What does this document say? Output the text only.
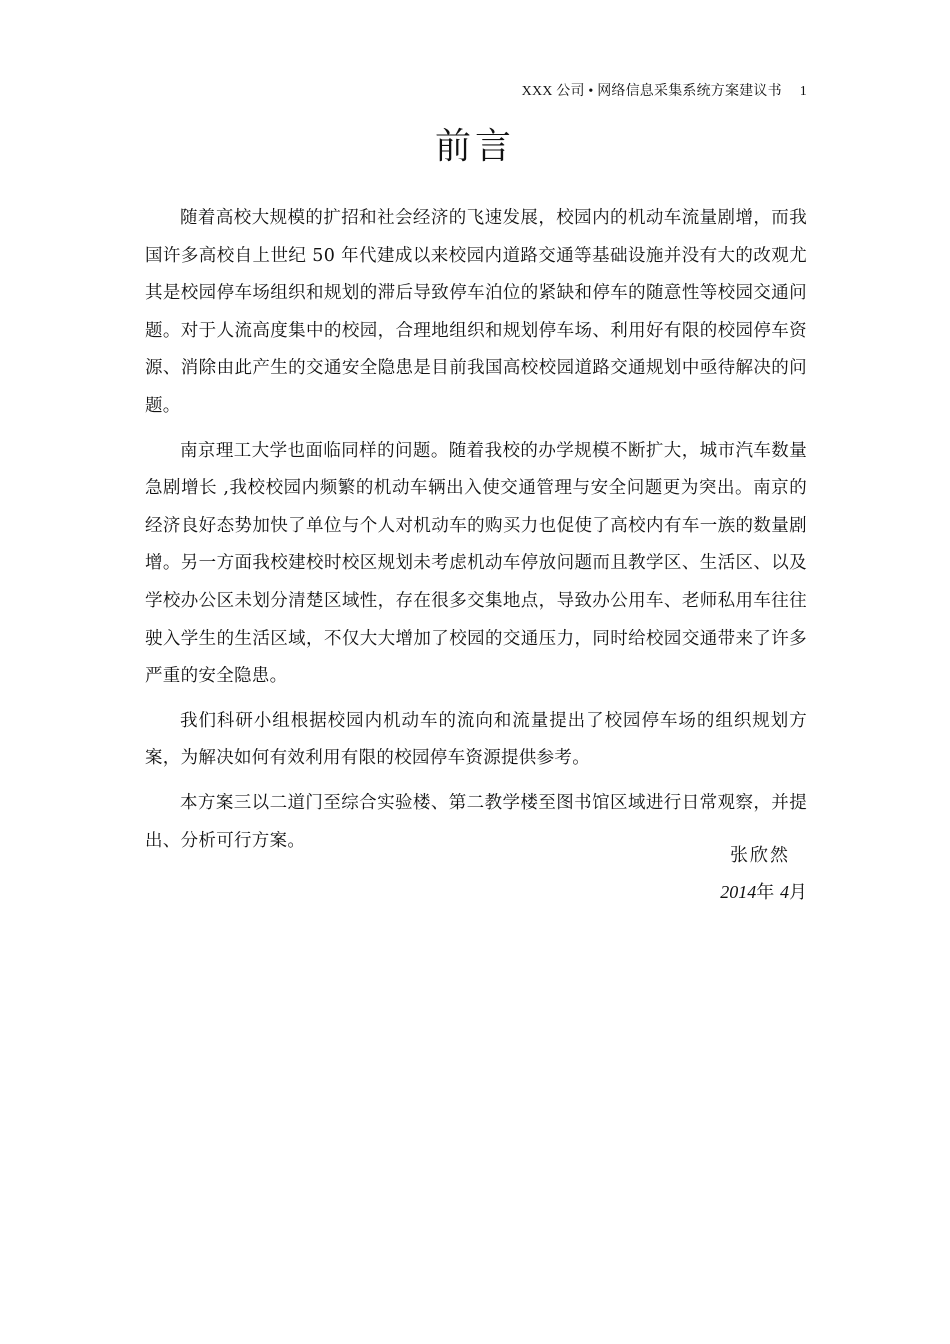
XXX 公司 • 网络信息采集系统方案建议书 1
前言

随着高校大规模的扩招和社会经济的飞速发展，校园内的机动车流量剧增，而我国许多高校自上世纪 50 年代建成以来校园内道路交通等基础设施并没有大的改观尤其是校园停车场组织和规划的滞后导致停车泊位的紧缺和停车的随意性等校园交通问题。对于人流高度集中的校园，合理地组织和规划停车场、利用好有限的校园停车资源、消除由此产生的交通安全隐患是目前我国高校校园道路交通规划中亟待解决的问题。

南京理工大学也面临同样的问题。随着我校的办学规模不断扩大，城市汽车数量急剧增长 ,我校校园内频繁的机动车辆出入使交通管理与安全问题更为突出。南京的经济良好态势加快了单位与个人对机动车的购买力也促使了高校内有车一族的数量剧增。另一方面我校建校时校区规划未考虑机动车停放问题而且教学区、生活区、以及学校办公区未划分清楚区域性，存在很多交集地点，导致办公用车、老师私用车往往驶入学生的生活区域，不仅大大增加了校园的交通压力，同时给校园交通带来了许多严重的安全隐患。

我们科研小组根据校园内机动车的流向和流量提出了校园停车场的组织规划方案，为解决如何有效利用有限的校园停车资源提供参考。

本方案三以二道门至综合实验楼、第二教学楼至图书馆区域进行日常观察，并提出、分析可行方案。

张欣然
2014年 4月
